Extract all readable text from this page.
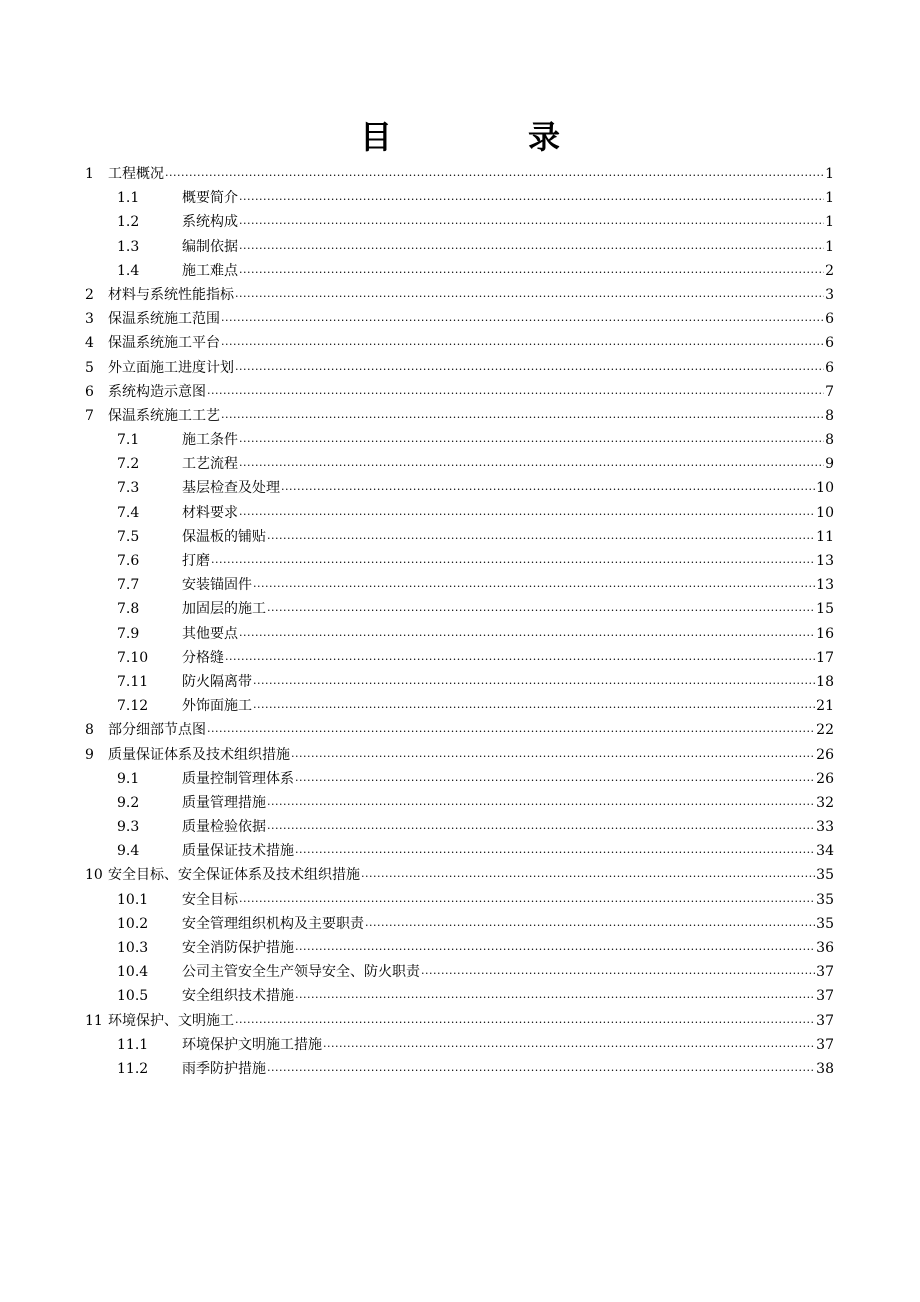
目　录
1 工程概况 .....	1
1.1	概要简介 .....	1
1.2	系统构成 .....	1
1.3	编制依据 .....	1
1.4	施工难点 .....	2
2 材料与系统性能指标 .....	3
3 保温系统施工范围 .....	6
4 保温系统施工平台 .....	6
5 外立面施工进度计划 .....	6
6 系统构造示意图 .....	7
7 保温系统施工工艺 .....	8
7.1	施工条件 .....	8
7.2	工艺流程 .....	9
7.3	基层检查及处理 .....	10
7.4	材料要求 .....	10
7.5	保温板的铺贴 .....	11
7.6	打磨 .....	13
7.7	安装锚固件 .....	13
7.8	加固层的施工 .....	15
7.9	其他要点 .....	16
7.10 分格缝 .....	17
7.11 防火隔离带 .....	18
7.12 外饰面施工 .....	21
8 部分细部节点图 .....	22
9 质量保证体系及技术组织措施 .....	26
9.1	质量控制管理体系 .....	26
9.2	质量管理措施 .....	32
9.3	质量检验依据 .....	33
9.4	质量保证技术措施 .....	34
10 安全目标、安全保证体系及技术组织措施 .....	35
10.1 安全目标 .....	35
10.2 安全管理组织机构及主要职责 .....	35
10.3 安全消防保护措施 .....	36
10.4 公司主管安全生产领导安全、防火职责 .....	37
10.5 安全组织技术措施 .....	37
11 环境保护、文明施工 .....	37
11.1 环境保护文明施工措施 .....	37
11.2 雨季防护措施 .....	38
